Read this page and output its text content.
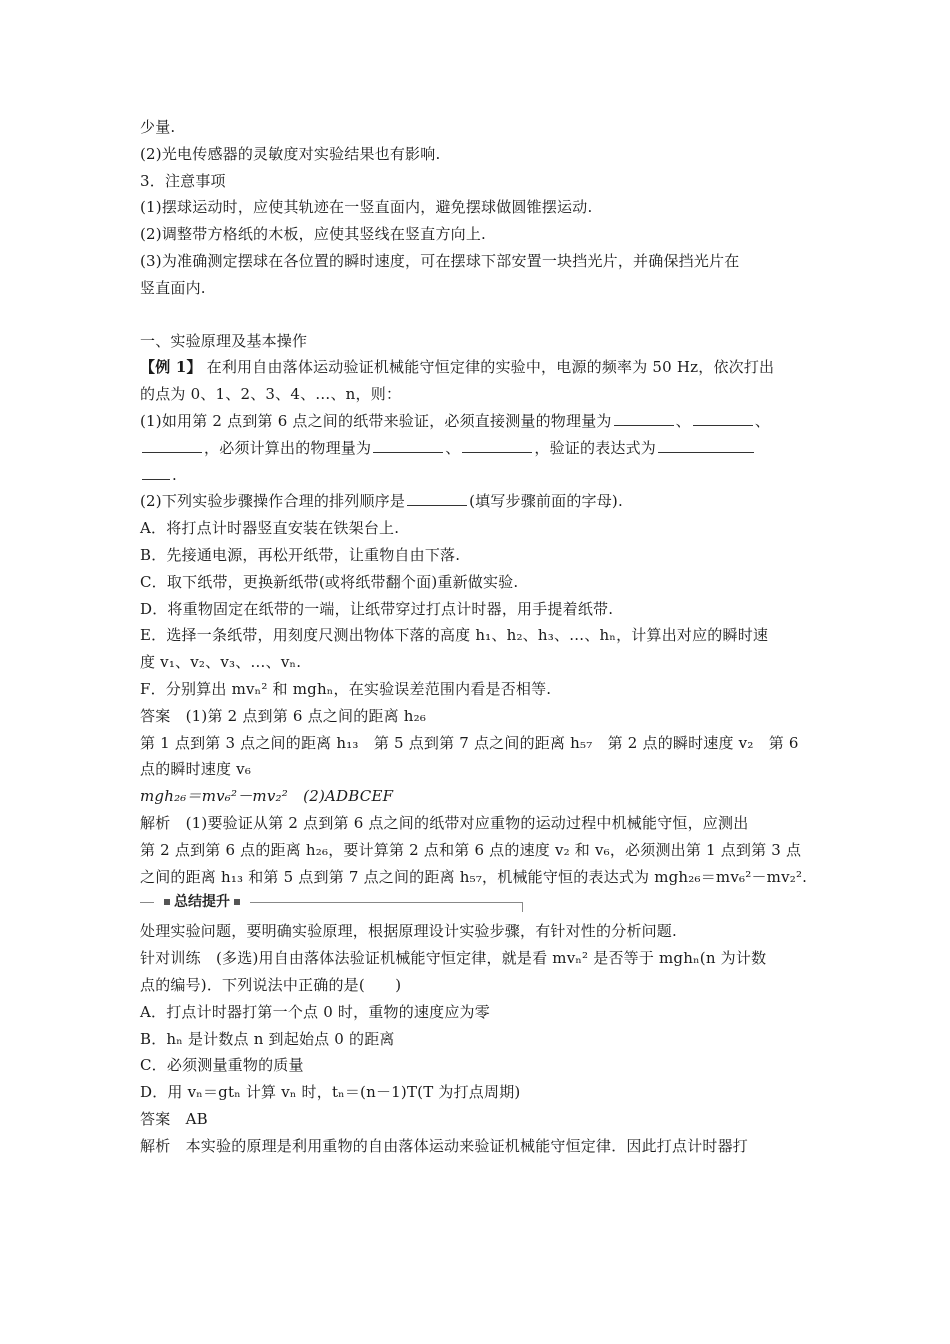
少量.
(2)光电传感器的灵敏度对实验结果也有影响.
3．注意事项
(1)摆球运动时，应使其轨迹在一竖直面内，避免摆球做圆锥摆运动.
(2)调整带方格纸的木板，应使其竖线在竖直方向上.
(3)为准确测定摆球在各位置的瞬时速度，可在摆球下部安置一块挡光片，并确保挡光片在
竖直面内.
一、实验原理及基本操作
【例 1】 在利用自由落体运动验证机械能守恒定律的实验中，电源的频率为 50 Hz，依次打出
的点为 0、1、2、3、4、…、n，则：
(1)如用第 2 点到第 6 点之间的纸带来验证，必须直接测量的物理量为	、	、
，必须计算出的物理量为	、	，验证的表达式为
.
(2)下列实验步骤操作合理的排列顺序是	(填写步骤前面的字母).
A．将打点计时器竖直安装在铁架台上.
B．先接通电源，再松开纸带，让重物自由下落.
C．取下纸带，更换新纸带(或将纸带翻个面)重新做实验.
D．将重物固定在纸带的一端，让纸带穿过打点计时器，用手提着纸带.
E．选择一条纸带，用刻度尺测出物体下落的高度 h₁、h₂、h₃、…、hₙ，计算出对应的瞬时速
度 v₁、v₂、v₃、…、vₙ.
F．分别算出 mvₙ² 和 mghₙ，在实验误差范围内看是否相等.
答案　(1)第 2 点到第 6 点之间的距离 h₂₆
第 1 点到第 3 点之间的距离 h₁₃　第 5 点到第 7 点之间的距离 h₅₇　第 2 点的瞬时速度 v₂　第 6
点的瞬时速度 v₆
mgh₂₆＝mv₆²－mv₂²　(2)ADBCEF
解析　(1)要验证从第 2 点到第 6 点之间的纸带对应重物的运动过程中机械能守恒，应测出
第 2 点到第 6 点的距离 h₂₆，要计算第 2 点和第 6 点的速度 v₂ 和 v₆，必须测出第 1 点到第 3 点
之间的距离 h₁₃ 和第 5 点到第 7 点之间的距离 h₅₇，机械能守恒的表达式为 mgh₂₆＝mv₆²－mv₂².
总结提升
处理实验问题，要明确实验原理，根据原理设计实验步骤，有针对性的分析问题.
针对训练　(多选)用自由落体法验证机械能守恒定律，就是看 mvₙ² 是否等于 mghₙ(n 为计数
点的编号)．下列说法中正确的是(　　)
A．打点计时器打第一个点 0 时，重物的速度应为零
B．hₙ 是计数点 n 到起始点 0 的距离
C．必须测量重物的质量
D．用 vₙ＝gtₙ 计算 vₙ 时，tₙ＝(n－1)T(T 为打点周期)
答案　AB
解析　本实验的原理是利用重物的自由落体运动来验证机械能守恒定律．因此打点计时器打
